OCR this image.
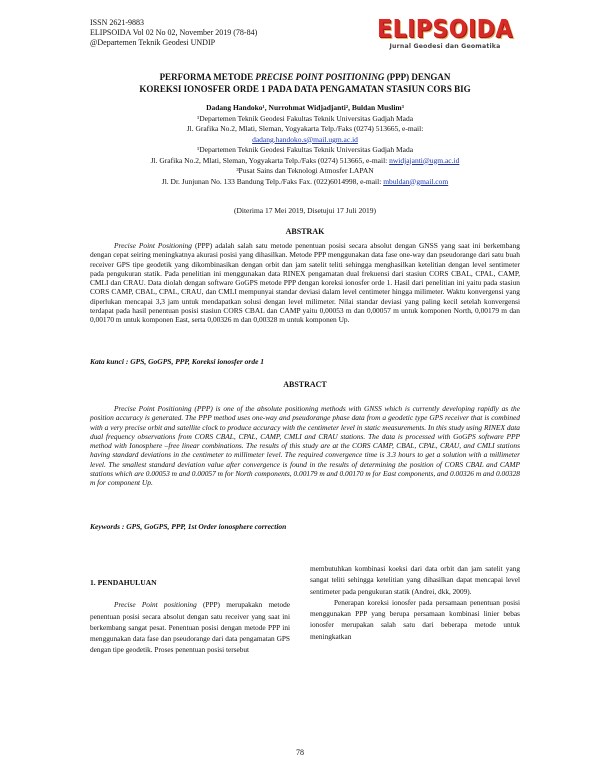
ISSN 2621-9883
ELIPSOIDA Vol 02 No 02, November 2019 (78-84)
@Departemen Teknik Geodesi UNDIP	ELIPSOIDA
Jurnal Geodesi dan Geomatika
PERFORMA METODE PRECISE POINT POSITIONING (PPP) DENGAN
KOREKSI IONOSFER ORDE 1 PADA DATA PENGAMATAN STASIUN CORS BIG
Dadang Handoko¹, Nurrohmat Widjadjanti², Buldan Muslim³
¹Departemen Teknik Geodesi Fakultas Teknik Universitas Gadjah Mada
Jl. Grafika No.2, Mlati, Sleman, Yogyakarta Telp./Faks (0274) 513665, e-mail:
dadang.handoko.s@mail.ugm.ac.id
¹Departemen Teknik Geodesi Fakultas Teknik Universitas Gadjah Mada
Jl. Grafika No.2, Mlati, Sleman, Yogyakarta Telp./Faks (0274) 513665, e-mail: nwidjajanti@ugm.ac.id
³Pusat Sains dan Teknologi Atmosfer LAPAN
Jl. Dr. Junjunan No. 133 Bandung Telp./Faks Fax. (022)6014998, e-mail: mbuldan@gmail.com
(Diterima 17 Mei 2019, Disetujui 17 Juli 2019)
ABSTRAK
Precise Point Positioning (PPP) adalah salah satu metode penentuan posisi secara absolut dengan GNSS yang saat ini berkembang dengan cepat seiring meningkatnya akurasi posisi yang dihasilkan. Metode PPP menggunakan data fase one-way dan pseudorange dari satu buah receiver GPS tipe geodetik yang dikombinasikan dengan orbit dan jam satelit teliti sehingga menghasilkan ketelitian dengan level sentimeter pada pengukuran statik. Pada penelitian ini menggunakan data RINEX pengamatan dual frekuensi dari stasiun CORS CBAL, CPAL, CAMP, CMLI dan CRAU. Data diolah dengan software GoGPS metode PPP dengan koreksi ionosfer orde 1. Hasil dari penelitian ini yaitu pada stasiun CORS CAMP, CBAL, CPAL, CRAU, dan CMLI mempunyai standar deviasi dalam level centimeter hingga milimeter. Waktu konvergensi yang diperlukan mencapai 3,3 jam untuk mendapatkan solusi dengan level milimeter. Nilai standar deviasi yang paling kecil setelah konvergensi terdapat pada hasil penentuan posisi stasiun CORS CBAL dan CAMP yaitu 0,00053 m dan 0,00057 m untuk komponen North, 0,00179 m dan 0,00170 m untuk komponen East, serta 0,00326 m dan 0,00328 m untuk komponen Up.
Kata kunci : GPS, GoGPS, PPP, Koreksi ionosfer orde 1
ABSTRACT
Precise Point Positioning (PPP) is one of the absolute positioning methods with GNSS which is currently developing rapidly as the position accuracy is generated. The PPP method uses one-way and pseudorange phase data from a geodetic type GPS receiver that is combined with a very precise orbit and satellite clock to produce accuracy with the centimeter level in static measurements. In this study using RINEX data dual frequency observations from CORS CBAL, CPAL, CAMP, CMLI and CRAU stations. The data is processed with GoGPS software PPP method with Ionosphere –free linear combinations. The results of this study are at the CORS CAMP, CBAL, CPAL, CRAU, and CMLI stations having standard deviations in the centimeter to millimeter level. The required convergence time is 3.3 hours to get a solution with a millimeter level. The smallest standard deviation value after convergence is found in the results of determining the position of CORS CBAL and CAMP stations which are 0.00053 m and 0.00057 m for North components, 0.00179 m and 0.00170 m for East components, and 0.00326 m and 0.00328 m for component Up.
Keywords : GPS, GoGPS, PPP, 1st Order ionosphere correction
1. PENDAHULUAN
Precise Point positioning (PPP) merupakakn metode penentuan posisi secara absolut dengan satu receiver yang saat ini berkembang sangat pesat. Penentuan posisi dengan metode PPP ini menggunakan data fase dan pseudorange dari data pengamatan GPS dengan tipe geodetik. Proses penentuan posisi tersebut
membutuhkan kombinasi koeksi dari data orbit dan jam satelit yang sangat teliti sehingga ketelitian yang dihasilkan dapat mencapai level sentimeter pada pengukuran statik (Andrei, dkk, 2009).
Penerapan koreksi ionosfer pada persamaan penentuan posisi menggunakan PPP yang berupa persamaan kombinasi linier bebas ionosfer merupakan salah satu dari beberapa metode untuk meningkatkan
78
